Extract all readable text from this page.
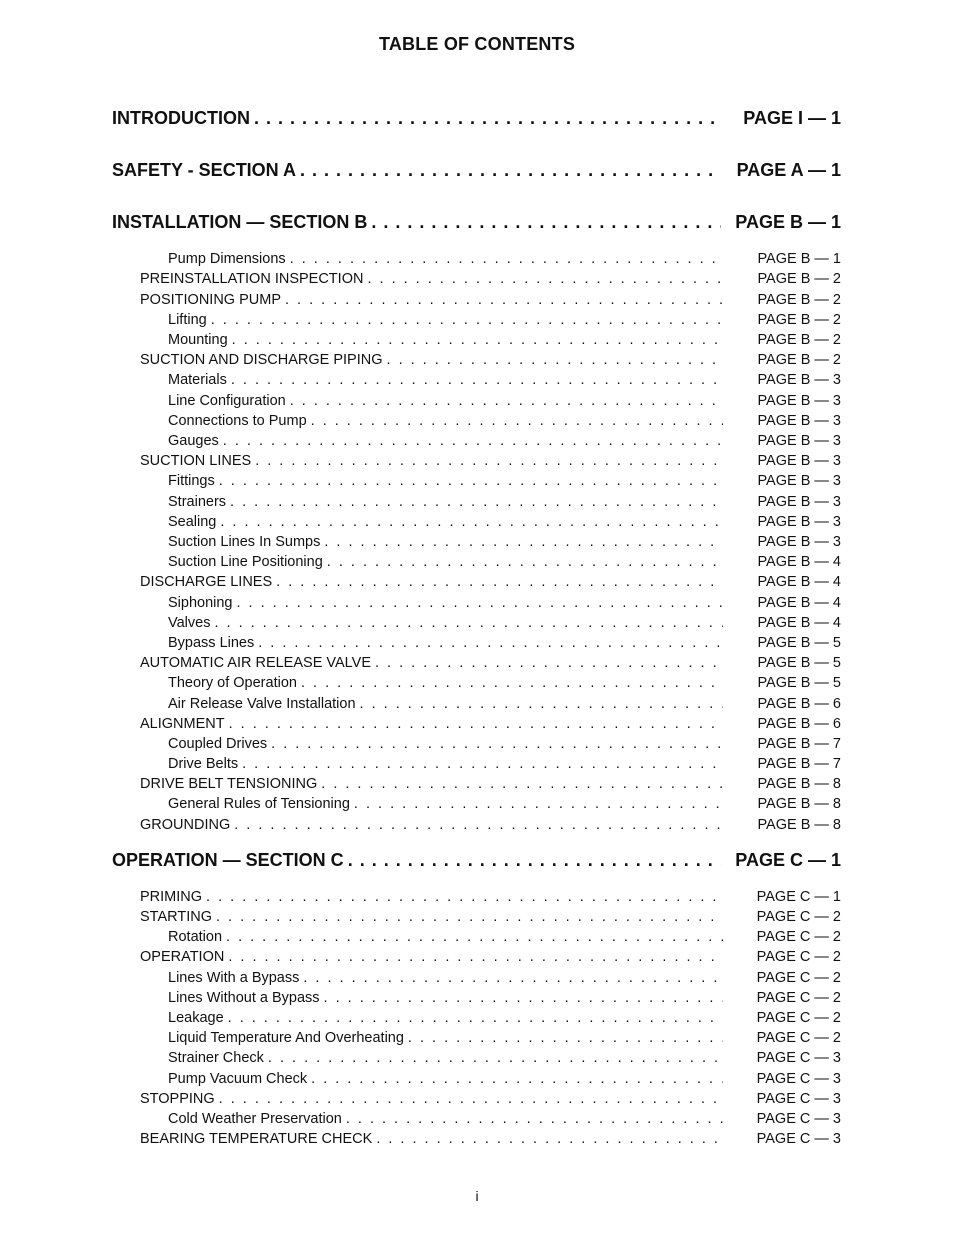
TABLE OF CONTENTS
INTRODUCTION . . .	PAGE I — 1
SAFETY - SECTION A . . .	PAGE A — 1
INSTALLATION — SECTION B . . .	PAGE B — 1
Pump Dimensions . . .	PAGE B — 1
PREINSTALLATION INSPECTION . . .	PAGE B — 2
POSITIONING PUMP . . .	PAGE B — 2
Lifting . . .	PAGE B — 2
Mounting . . .	PAGE B — 2
SUCTION AND DISCHARGE PIPING . . .	PAGE B — 2
Materials . . .	PAGE B — 3
Line Configuration . . .	PAGE B — 3
Connections to Pump . . .	PAGE B — 3
Gauges . . .	PAGE B — 3
SUCTION LINES . . .	PAGE B — 3
Fittings . . .	PAGE B — 3
Strainers . . .	PAGE B — 3
Sealing . . .	PAGE B — 3
Suction Lines In Sumps . . .	PAGE B — 3
Suction Line Positioning . . .	PAGE B — 4
DISCHARGE LINES . . .	PAGE B — 4
Siphoning . . .	PAGE B — 4
Valves . . .	PAGE B — 4
Bypass Lines . . .	PAGE B — 5
AUTOMATIC AIR RELEASE VALVE . . .	PAGE B — 5
Theory of Operation . . .	PAGE B — 5
Air Release Valve Installation . . .	PAGE B — 6
ALIGNMENT . . .	PAGE B — 6
Coupled Drives . . .	PAGE B — 7
Drive Belts . . .	PAGE B — 7
DRIVE BELT TENSIONING . . .	PAGE B — 8
General Rules of Tensioning . . .	PAGE B — 8
GROUNDING . . .	PAGE B — 8
OPERATION — SECTION C . . .	PAGE C — 1
PRIMING . . .	PAGE C — 1
STARTING . . .	PAGE C — 2
Rotation . . .	PAGE C — 2
OPERATION . . .	PAGE C — 2
Lines With a Bypass . . .	PAGE C — 2
Lines Without a Bypass . . .	PAGE C — 2
Leakage . . .	PAGE C — 2
Liquid Temperature And Overheating . . .	PAGE C — 2
Strainer Check . . .	PAGE C — 3
Pump Vacuum Check . . .	PAGE C — 3
STOPPING . . .	PAGE C — 3
Cold Weather Preservation . . .	PAGE C — 3
BEARING TEMPERATURE CHECK . . .	PAGE C — 3
i
